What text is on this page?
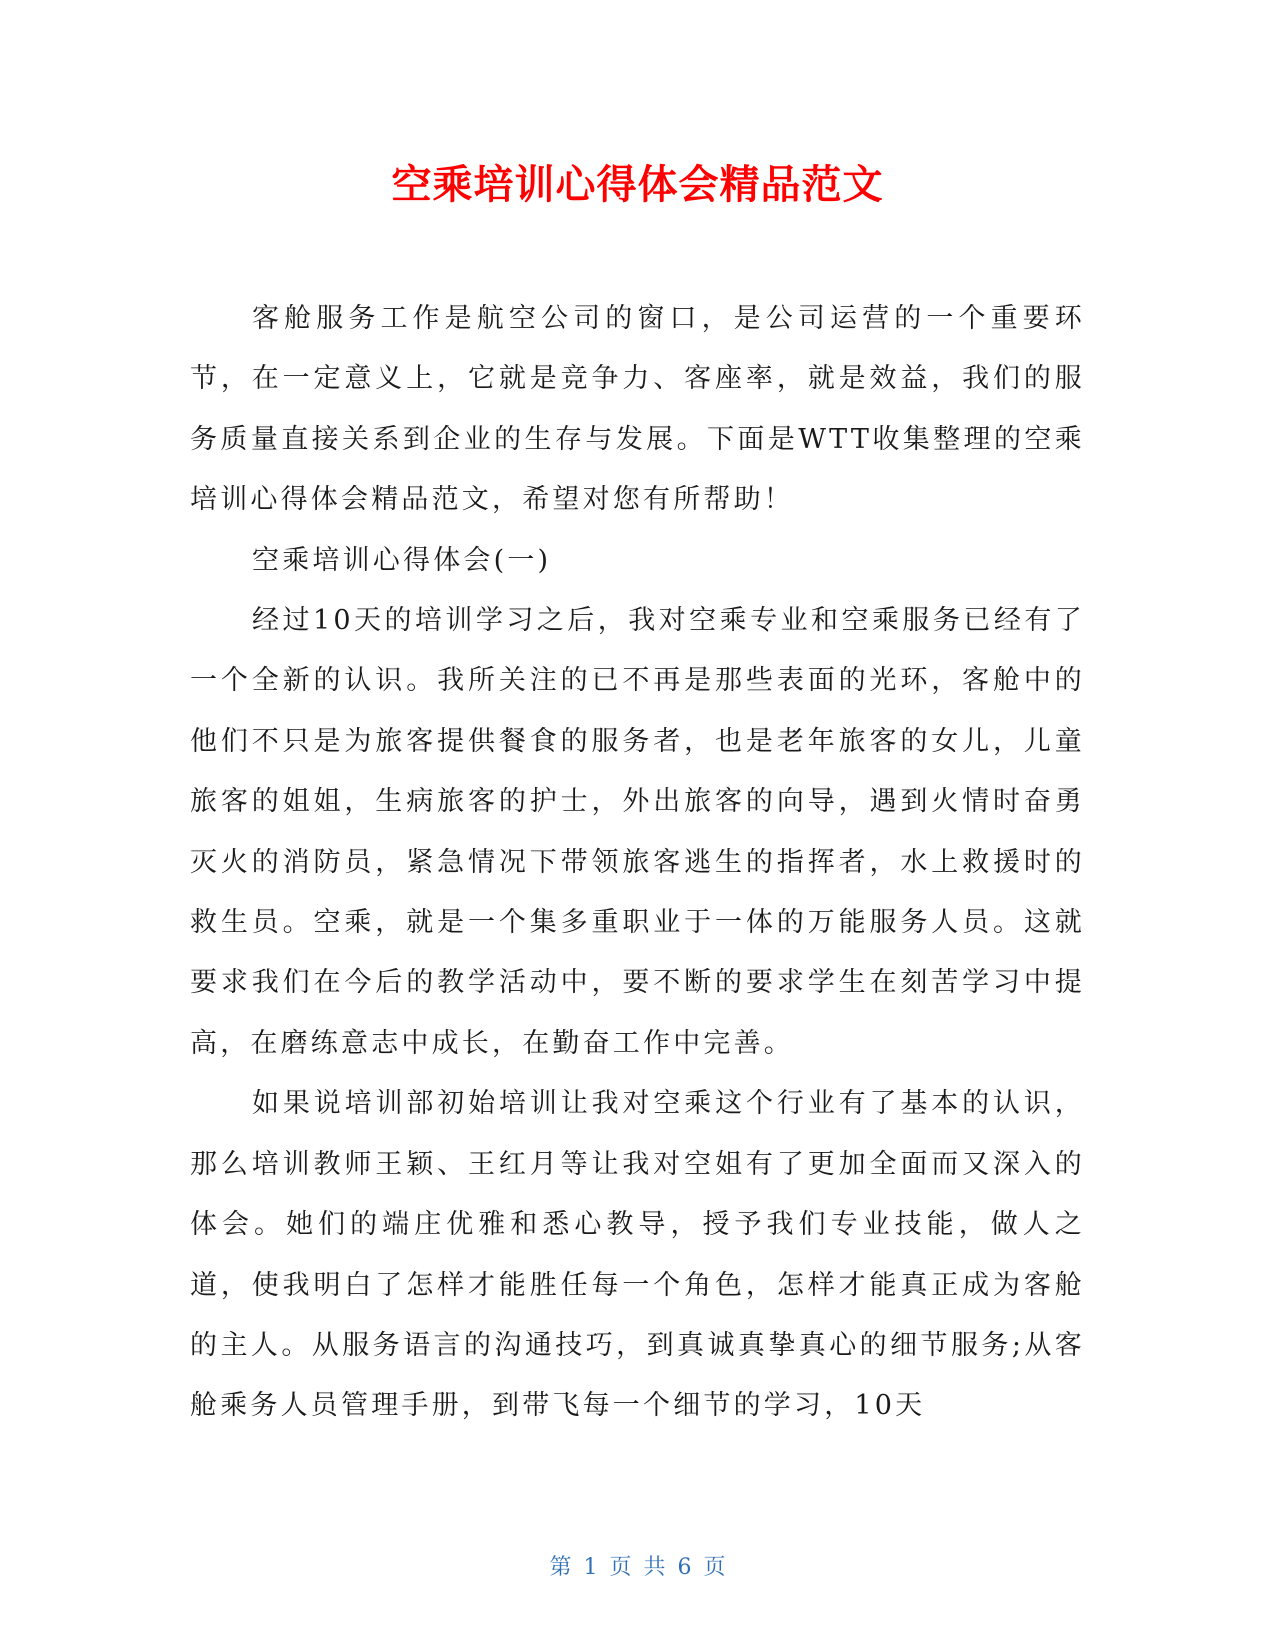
空乘培训心得体会精品范文

客舱服务工作是航空公司的窗口，是公司运营的一个重要环节，在一定意义上，它就是竞争力、客座率，就是效益，我们的服务质量直接关系到企业的生存与发展。下面是WTT收集整理的空乘培训心得体会精品范文，希望对您有所帮助！

空乘培训心得体会(一)

经过10天的培训学习之后，我对空乘专业和空乘服务已经有了一个全新的认识。我所关注的已不再是那些表面的光环，客舱中的他们不只是为旅客提供餐食的服务者，也是老年旅客的女儿，儿童旅客的姐姐，生病旅客的护士，外出旅客的向导，遇到火情时奋勇灭火的消防员，紧急情况下带领旅客逃生的指挥者，水上救援时的救生员。空乘，就是一个集多重职业于一体的万能服务人员。这就要求我们在今后的教学活动中，要不断的要求学生在刻苦学习中提高，在磨练意志中成长，在勤奋工作中完善。

如果说培训部初始培训让我对空乘这个行业有了基本的认识，那么培训教师王颖、王红月等让我对空姐有了更加全面而又深入的体会。她们的端庄优雅和悉心教导，授予我们专业技能，做人之道，使我明白了怎样才能胜任每一个角色，怎样才能真正成为客舱的主人。从服务语言的沟通技巧，到真诚真挚真心的细节服务;从客舱乘务人员管理手册，到带飞每一个细节的学习，10天

第 1 页 共 6 页
